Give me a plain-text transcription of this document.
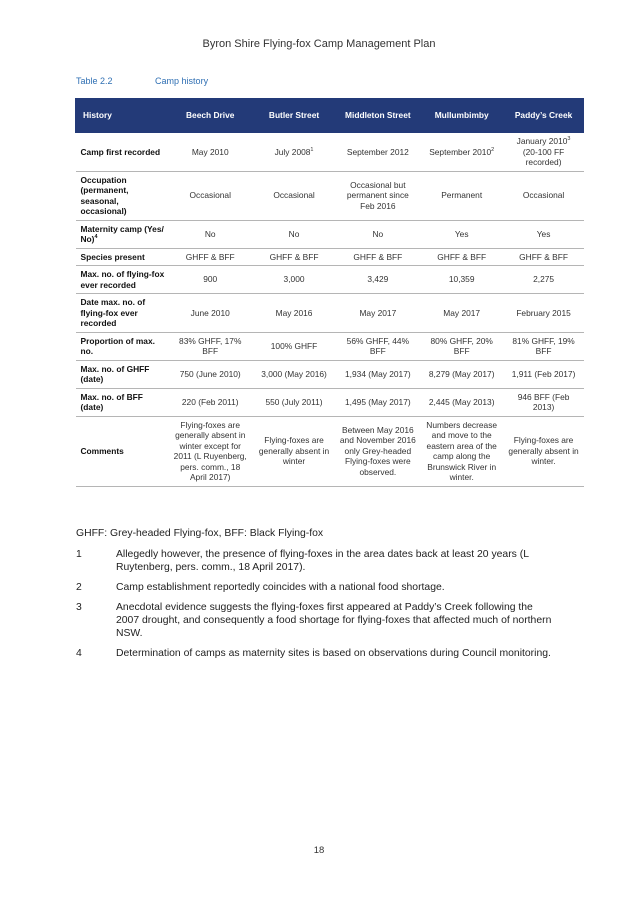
Byron Shire Flying-fox Camp Management Plan
Table 2.2	Camp history
History	Beech Drive	Butler Street	Middleton Street	Mullumbimby	Paddy’s Creek
Camp first recorded	May 2010	July 2008$^1$	September 2012	September 2010$^2$	January 2010$^3$
(20-100 FF recorded)
Occupation (permanent, seasonal, occasional)	Occasional	Occasional	Occasional but permanent since Feb 2016	Permanent	Occasional
Maternity camp (Yes/ No)$^4$	No	No	No	Yes	Yes
Species present	GHFF & BFF	GHFF & BFF	GHFF & BFF	GHFF & BFF	GHFF & BFF
Max. no. of flying-fox ever recorded	900	3,000	3,429	10,359	2,275
Date max. no. of flying-fox ever recorded	June 2010	May 2016	May 2017	May 2017	February 2015
Proportion of max. no.	83% GHFF, 17% BFF	100% GHFF	56% GHFF, 44% BFF	80% GHFF, 20% BFF	81% GHFF, 19% BFF
Max. no. of GHFF (date)	750 (June 2010)	3,000 (May 2016)	1,934 (May 2017)	8,279 (May 2017)	1,911 (Feb 2017)
Max. no. of BFF (date)	220 (Feb 2011)	550 (July 2011)	1,495 (May 2017)	2,445 (May 2013)	946 BFF (Feb 2013)
Comments	Flying-foxes are generally absent in winter except for 2011 (L Ruyenberg, pers. comm., 18 April 2017)	Flying-foxes are generally absent in winter	Between May 2016 and November 2016 only Grey-headed Flying-foxes were observed.	Numbers decrease and move to the eastern area of the camp along the Brunswick River in winter.	Flying-foxes are generally absent in winter.
GHFF: Grey-headed Flying-fox, BFF: Black Flying-fox
1	Allegedly however, the presence of flying-foxes in the area dates back at least 20 years (L Ruytenberg, pers. comm., 18 April 2017).
2	Camp establishment reportedly coincides with a national food shortage.
3	Anecdotal evidence suggests the flying-foxes first appeared at Paddy’s Creek following the 2007 drought, and consequently a food shortage for flying-foxes that affected much of northern NSW.
4	Determination of camps as maternity sites is based on observations during Council monitoring.
18
